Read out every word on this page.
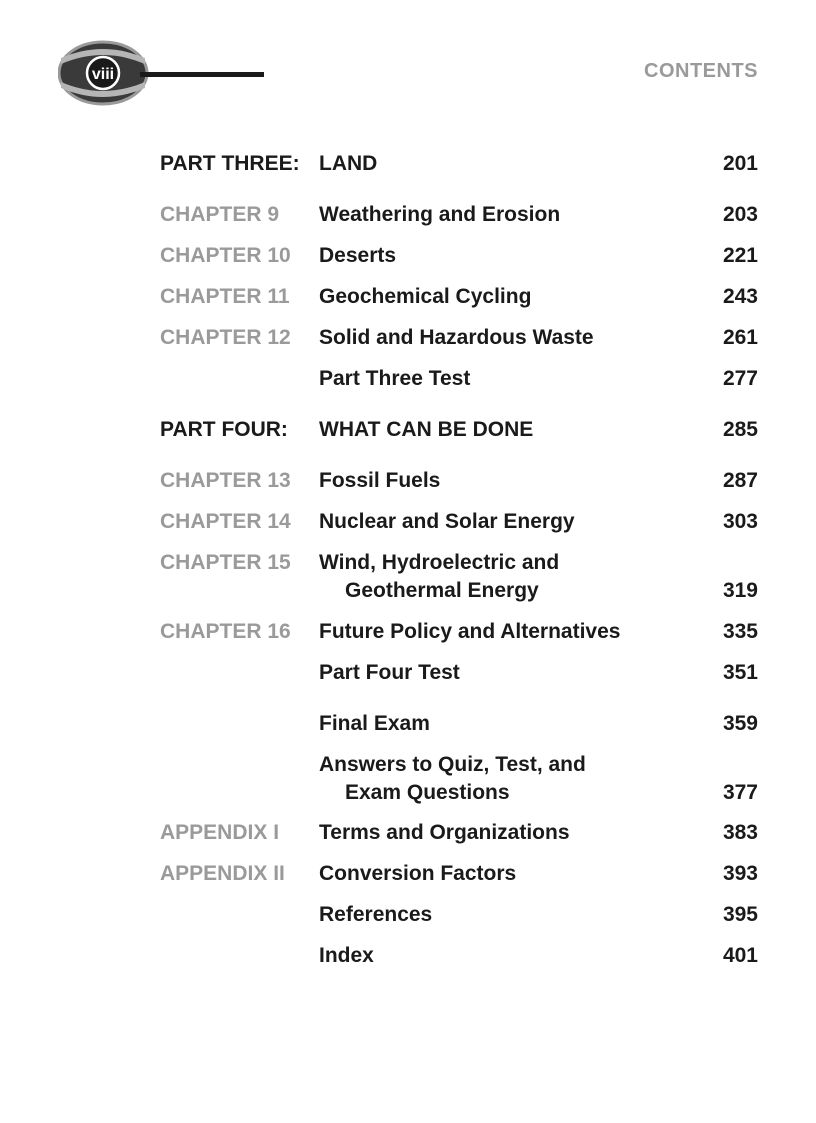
viii	CONTENTS
PART THREE: LAND	201
CHAPTER 9 Weathering and Erosion	203
CHAPTER 10 Deserts	221
CHAPTER 11 Geochemical Cycling	243
CHAPTER 12 Solid and Hazardous Waste	261
Part Three Test	277
PART FOUR: WHAT CAN BE DONE	285
CHAPTER 13 Fossil Fuels	287
CHAPTER 14 Nuclear and Solar Energy	303
CHAPTER 15 Wind, Hydroelectric and
Geothermal Energy	319
CHAPTER 16 Future Policy and Alternatives	335
Part Four Test	351
Final Exam	359
Answers to Quiz, Test, and
Exam Questions	377
APPENDIX I Terms and Organizations	383
APPENDIX II Conversion Factors	393
References	395
Index	401
